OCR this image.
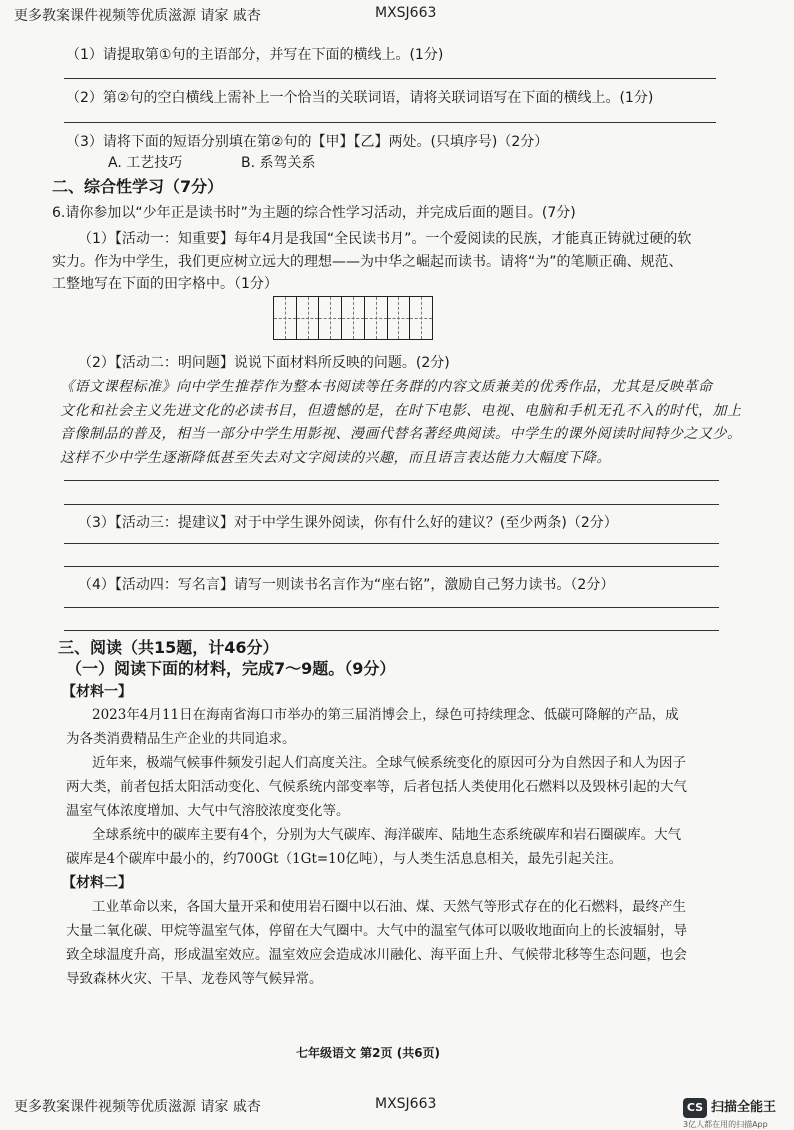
更多教案课件视频等优质滋源 请家 戚杏	MXSJ663
（1）请提取第①句的主语部分，并写在下面的横线上。(1分)
（2）第②句的空白横线上需补上一个恰当的关联词语，请将关联词语写在下面的横线上。(1分)
（3）请将下面的短语分别填在第②句的【甲】【乙】两处。(只填序号)（2分）
A. 工艺技巧	B. 系驾关系
二、综合性学习（7分）
6.请你参加以“少年正是读书时”为主题的综合性学习活动，并完成后面的题目。(7分)
（1）【活动一：知重要】每年4月是我国“全民读书月”。一个爱阅读的民族，才能真正铸就过硬的软
实力。作为中学生，我们更应树立远大的理想——为中华之崛起而读书。请将“为”的笔顺正确、规范、
工整地写在下面的田字格中。（1分）
（2）【活动二：明问题】说说下面材料所反映的问题。(2分)
《语文课程标准》向中学生推荐作为整本书阅读等任务群的内容文质兼美的优秀作品，尤其是反映革命
文化和社会主义先进文化的必读书目，但遗憾的是，在时下电影、电视、电脑和手机无孔不入的时代，加上
音像制品的普及，相当一部分中学生用影视、漫画代替名著经典阅读。中学生的课外阅读时间特少之又少。
这样不少中学生逐渐降低甚至失去对文字阅读的兴趣，而且语言表达能力大幅度下降。
（3）【活动三：提建议】对于中学生课外阅读，你有什么好的建议？(至少两条)（2分）
（4）【活动四：写名言】请写一则读书名言作为“座右铭”，激励自己努力读书。（2分）
三、阅读（共15题，计46分）
（一）阅读下面的材料，完成7～9题。（9分）
【材料一】
2023年4月11日在海南省海口市举办的第三届消博会上，绿色可持续理念、低碳可降解的产品，成
为各类消费精品生产企业的共同追求。
近年来，极端气候事件频发引起人们高度关注。全球气候系统变化的原因可分为自然因子和人为因子
两大类，前者包括太阳活动变化、气候系统内部变率等，后者包括人类使用化石燃料以及毁林引起的大气
温室气体浓度增加、大气中气溶胶浓度变化等。
全球系统中的碳库主要有4个，分别为大气碳库、海洋碳库、陆地生态系统碳库和岩石圈碳库。大气
碳库是4个碳库中最小的，约700Gt（1Gt=10亿吨），与人类生活息息相关，最先引起关注。
【材料二】
工业革命以来，各国大量开采和使用岩石圈中以石油、煤、天然气等形式存在的化石燃料，最终产生
大量二氧化碳、甲烷等温室气体，停留在大气圈中。大气中的温室气体可以吸收地面向上的长波辐射，导
致全球温度升高，形成温室效应。温室效应会造成冰川融化、海平面上升、气候带北移等生态问题，也会
导致森林火灾、干旱、龙卷风等气候异常。
七年级语文 第2页 (共6页)
更多教案课件视频等优质滋源 请家 戚杏	MXSJ663	CS 扫描全能王
3亿人都在用的扫描App
